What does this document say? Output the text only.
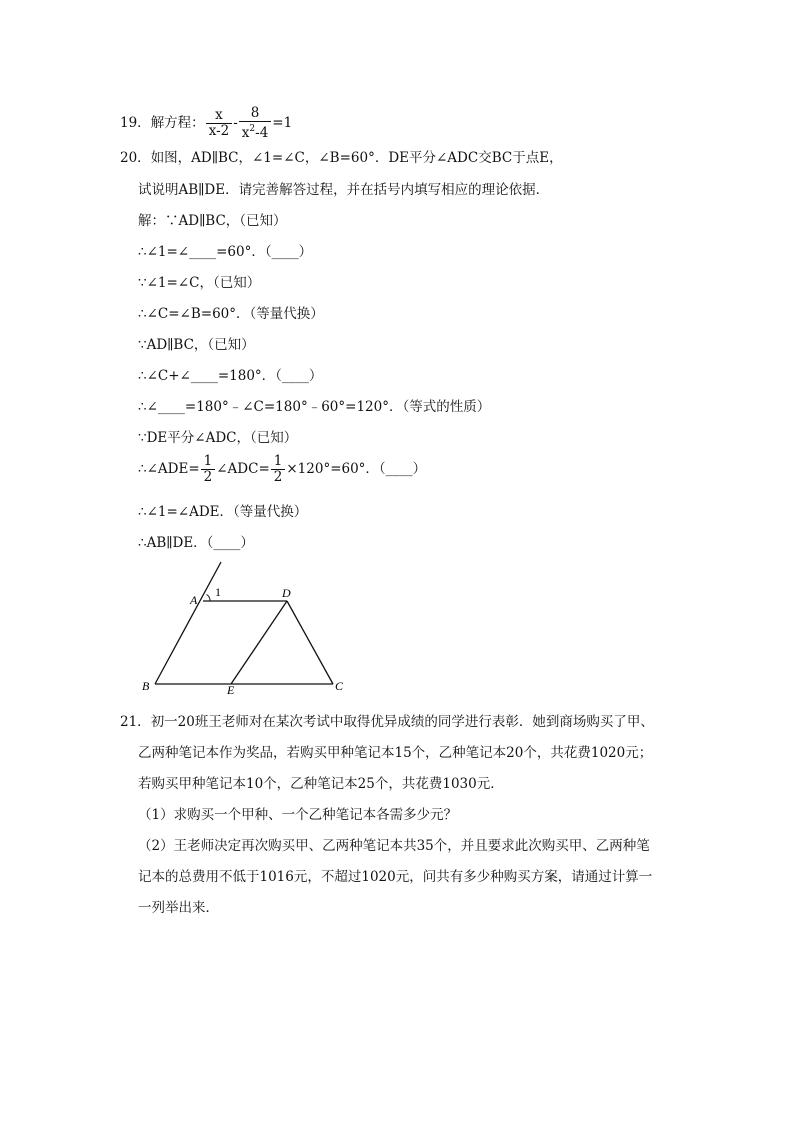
19．解方程： $\frac{x}{x-2} - \frac{8}{x^2-4} =1$
20．如图，AD∥BC，∠1=∠C，∠B=60°．DE平分∠ADC交BC于点E，
试说明AB∥DE．请完善解答过程，并在括号内填写相应的理论依据．
解：∵AD∥BC，（已知）
∴∠1=∠____=60°．（____）
∵∠1=∠C，（已知）
∴∠C=∠B=60°．（等量代换）
∵AD∥BC，（已知）
∴∠C+∠____=180°．（____）
∴∠____=180°﹣∠C=180°﹣60°=120°．（等式的性质）
∵DE平分∠ADC，（已知）
∴∠ADE= $\frac{1}{2}$ ∠ADC= $\frac{1}{2} \times 120^\circ=60^\circ$．（____）
∴∠1=∠ADE．（等量代换）
∴AB∥DE．（____）
A
1	D
B	E	C
21．初一20班王老师对在某次考试中取得优异成绩的同学进行表彰．她到商场购买了甲、
乙两种笔记本作为奖品，若购买甲种笔记本15个，乙种笔记本20个，共花费1020元；
若购买甲种笔记本10个，乙种笔记本25个，共花费1030元．
（1）求购买一个甲种、一个乙种笔记本各需多少元？
（2）王老师决定再次购买甲、乙两种笔记本共35个，并且要求此次购买甲、乙两种笔
记本的总费用不低于1016元，不超过1020元，问共有多少种购买方案，请通过计算一
一列举出来．
